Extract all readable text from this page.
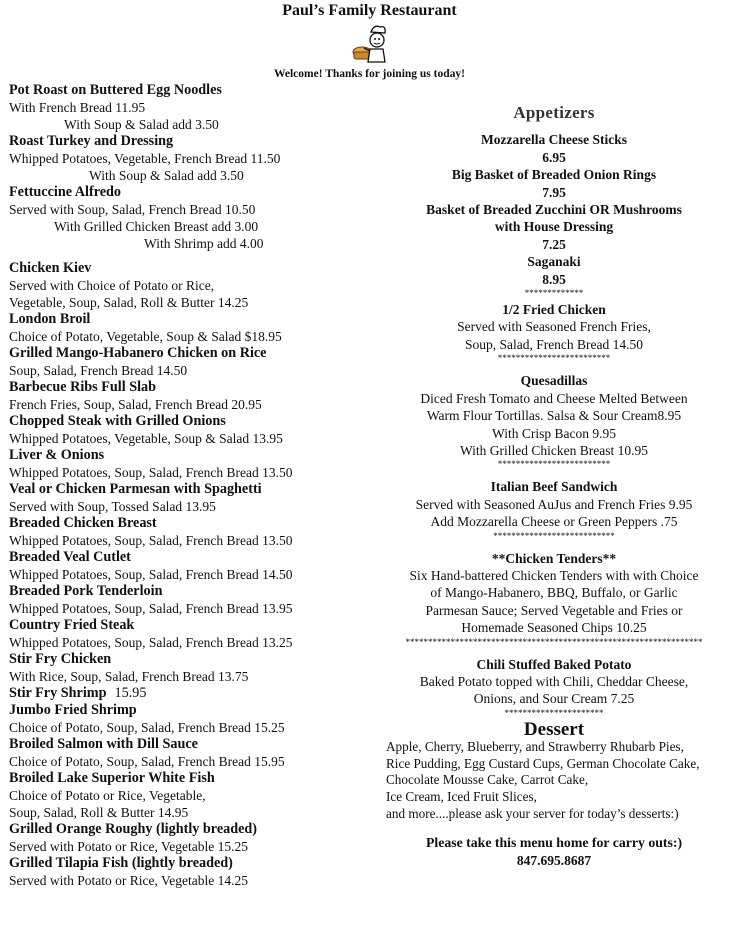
Paul’s Family Restaurant
Welcome! Thanks for joining us today!
Pot Roast on Buttered Egg Noodles
With French Bread 11.95
With Soup & Salad add 3.50
Roast Turkey and Dressing
Whipped Potatoes, Vegetable, French Bread 11.50
With Soup & Salad add 3.50
Fettuccine Alfredo
Served with Soup, Salad, French Bread 10.50
With Grilled Chicken Breast add 3.00
With Shrimp add 4.00
Chicken Kiev
Served with Choice of Potato or Rice,
Vegetable, Soup, Salad, Roll & Butter 14.25
London Broil
Choice of Potato, Vegetable, Soup & Salad $18.95
Grilled Mango-Habanero Chicken on Rice
Soup, Salad, French Bread 14.50
Barbecue Ribs Full Slab
French Fries, Soup, Salad, French Bread 20.95
Chopped Steak with Grilled Onions
Whipped Potatoes, Vegetable, Soup & Salad 13.95
Liver & Onions
Whipped Potatoes, Soup, Salad, French Bread 13.50
Veal or Chicken Parmesan with Spaghetti
Served with Soup, Tossed Salad 13.95
Breaded Chicken Breast
Whipped Potatoes, Soup, Salad, French Bread 13.50
Breaded Veal Cutlet
Whipped Potatoes, Soup, Salad, French Bread 14.50
Breaded Pork Tenderloin
Whipped Potatoes, Soup, Salad, French Bread 13.95
Country Fried Steak
Whipped Potatoes, Soup, Salad, French Bread 13.25
Stir Fry Chicken
With Rice, Soup, Salad, French Bread 13.75
Stir Fry Shrimp 15.95
Jumbo Fried Shrimp
Choice of Potato, Soup, Salad, French Bread 15.25
Broiled Salmon with Dill Sauce
Choice of Potato, Soup, Salad, French Bread 15.95
Broiled Lake Superior White Fish
Choice of Potato or Rice, Vegetable,
Soup, Salad, Roll & Butter 14.95
Grilled Orange Roughy (lightly breaded)
Served with Potato or Rice, Vegetable 15.25
Grilled Tilapia Fish (lightly breaded)
Served with Potato or Rice, Vegetable 14.25
Appetizers
Mozzarella Cheese Sticks
6.95
Big Basket of Breaded Onion Rings
7.95
Basket of Breaded Zucchini OR Mushrooms
with House Dressing
7.25
Saganaki
8.95
*************
1/2 Fried Chicken
Served with Seasoned French Fries,
Soup, Salad, French Bread 14.50
*************************
Quesadillas
Diced Fresh Tomato and Cheese Melted Between
Warm Flour Tortillas. Salsa & Sour Cream8.95
With Crisp Bacon 9.95
With Grilled Chicken Breast 10.95
*************************
Italian Beef Sandwich
Served with Seasoned AuJus and French Fries 9.95
Add Mozzarella Cheese or Green Peppers .75
***************************
**Chicken Tenders**
Six Hand-battered Chicken Tenders with with Choice
of Mango-Habanero, BBQ, Buffalo, or Garlic
Parmesan Sauce; Served Vegetable and Fries or
Homemade Seasoned Chips 10.25
******************************************************************
Chili Stuffed Baked Potato
Baked Potato topped with Chili, Cheddar Cheese,
Onions, and Sour Cream 7.25
**********************
Dessert
Apple, Cherry, Blueberry, and Strawberry Rhubarb Pies,
Rice Pudding, Egg Custard Cups, German Chocolate Cake,
Chocolate Mousse Cake, Carrot Cake,
Ice Cream, Iced Fruit Slices,
and more....please ask your server for today’s desserts:)
Please take this menu home for carry outs:)
847.695.8687
